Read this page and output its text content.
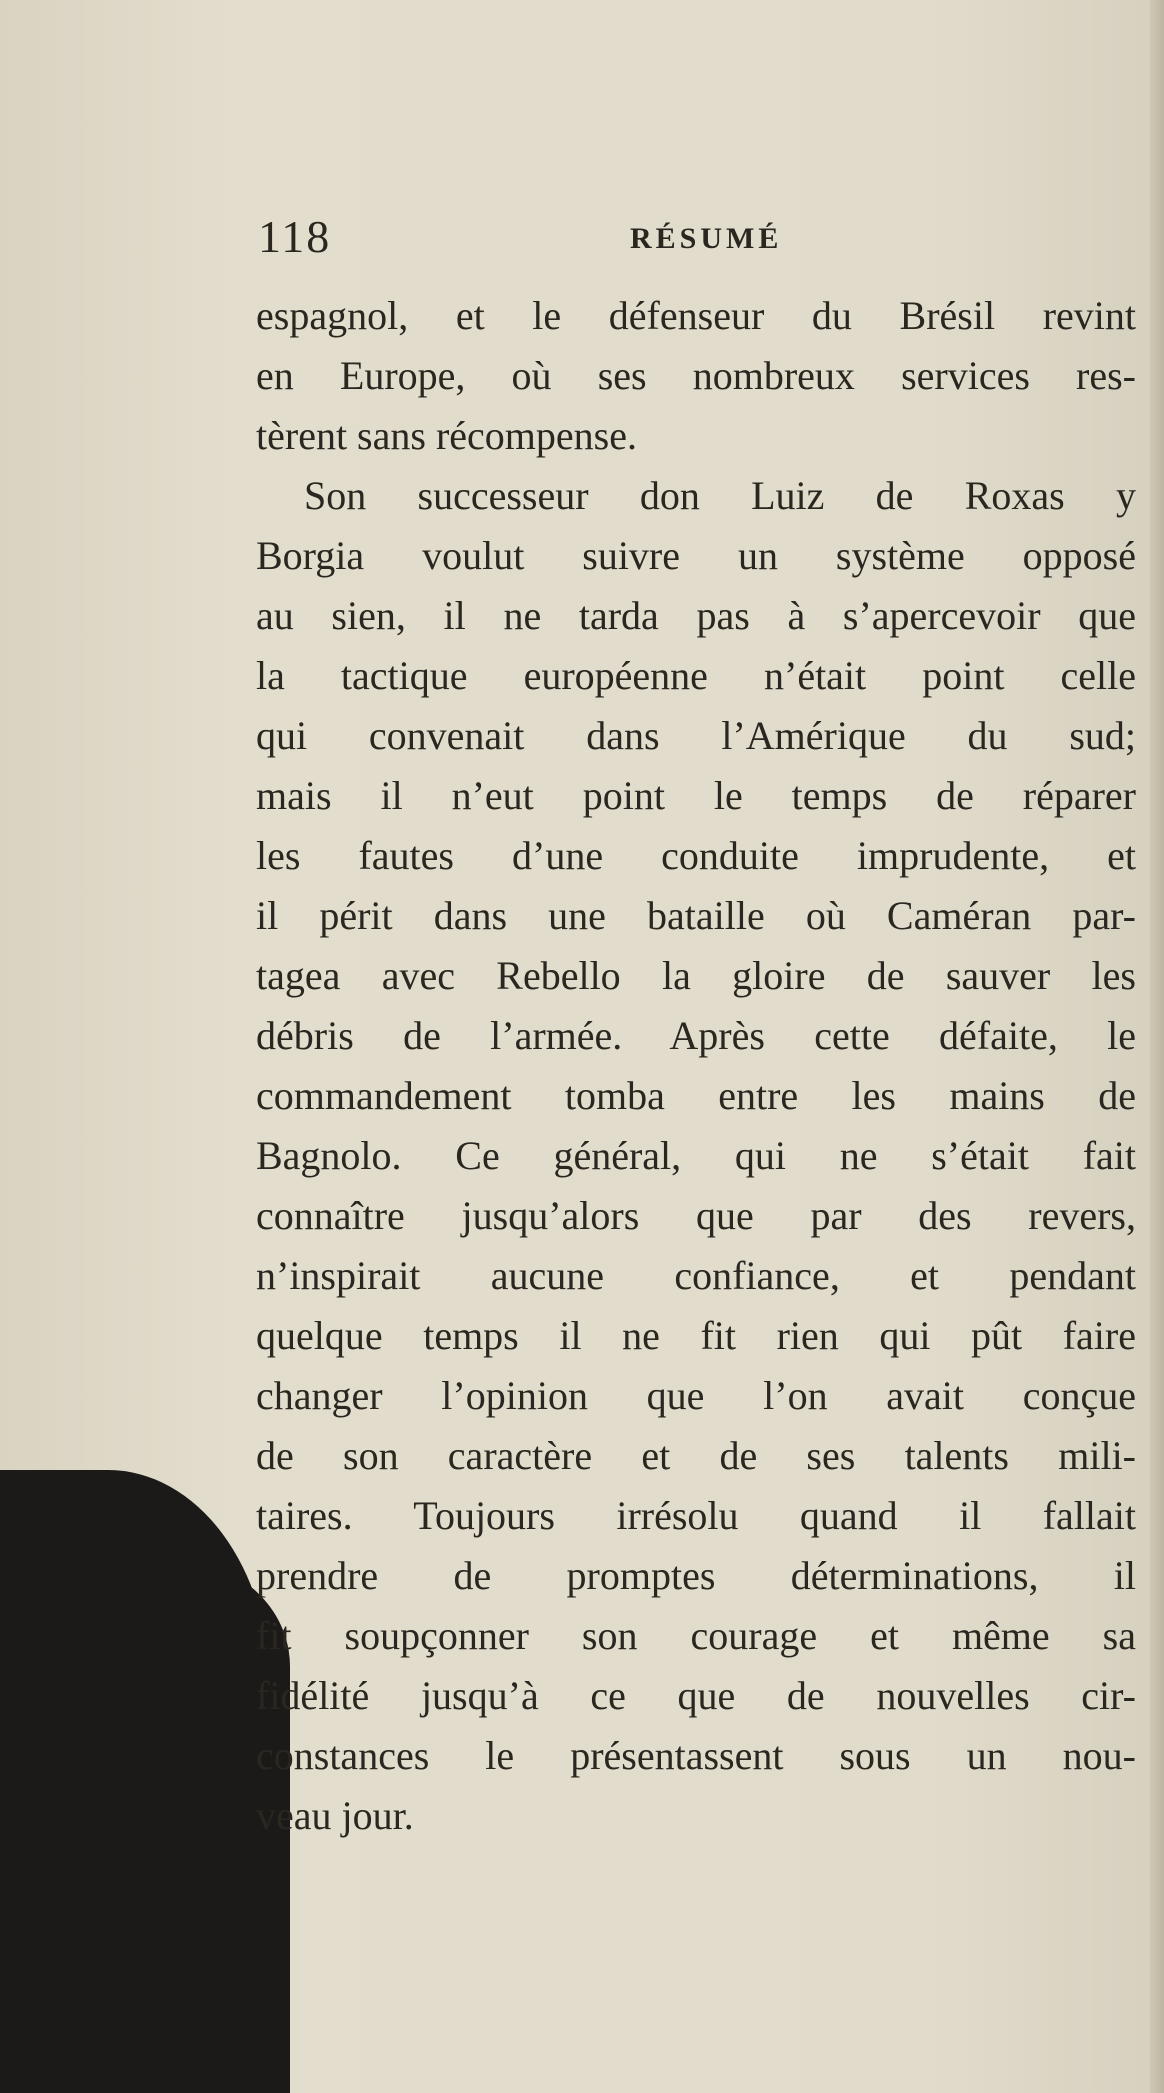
118	RÉSUMÉ
espagnol, et le défenseur du Brésil revint
en Europe, où ses nombreux services res-
tèrent sans récompense.
Son successeur don Luiz de Roxas y
Borgia voulut suivre un système opposé
au sien, il ne tarda pas à s’apercevoir que
la tactique européenne n’était point celle
qui convenait dans l’Amérique du sud;
mais il n’eut point le temps de réparer
les fautes d’une conduite imprudente, et
il périt dans une bataille où Caméran par-
tagea avec Rebello la gloire de sauver les
débris de l’armée. Après cette défaite, le
commandement tomba entre les mains de
Bagnolo. Ce général, qui ne s’était fait
connaître jusqu’alors que par des revers,
n’inspirait aucune confiance, et pendant
quelque temps il ne fit rien qui pût faire
changer l’opinion que l’on avait conçue
de son caractère et de ses talents mili-
taires. Toujours irrésolu quand il fallait
prendre de promptes déterminations, il
fit soupçonner son courage et même sa
fidélité jusqu’à ce que de nouvelles cir-
constances le présentassent sous un nou-
veau jour.
